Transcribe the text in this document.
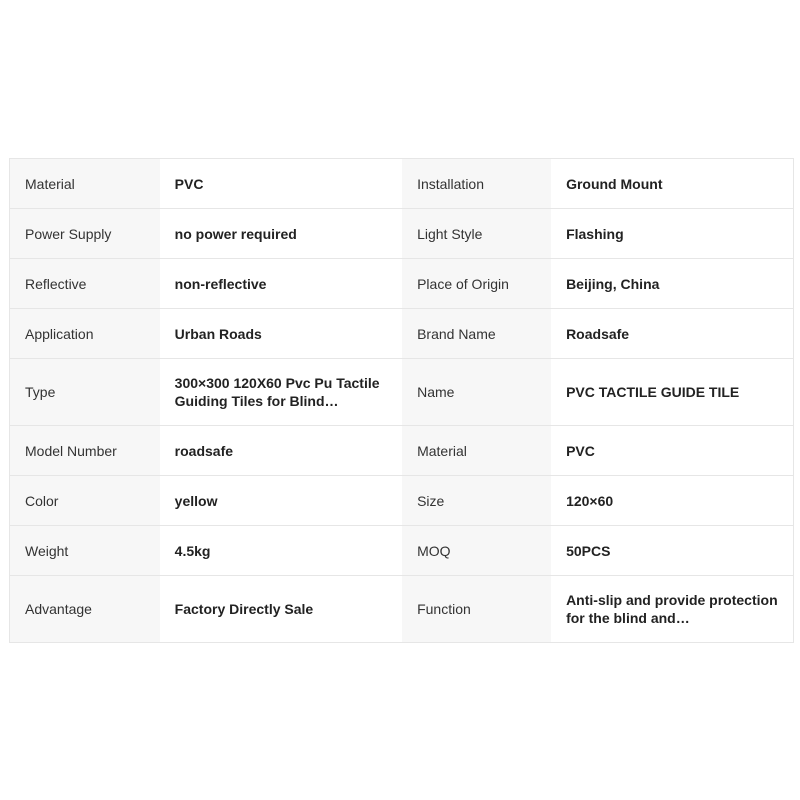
Material	PVC	Installation	Ground Mount
Power Supply	no power required	Light Style	Flashing
Reflective	non-reflective	Place of Origin	Beijing, China
Application	Urban Roads	Brand Name	Roadsafe
Type	300×300 120X60 Pvc Pu Tactile Guiding Tiles for Blind…	Name	PVC TACTILE GUIDE TILE
Model Number	roadsafe	Material	PVC
Color	yellow	Size	120×60
Weight	4.5kg	MOQ	50PCS
Advantage	Factory Directly Sale	Function	Anti-slip and provide protection for the blind and…
